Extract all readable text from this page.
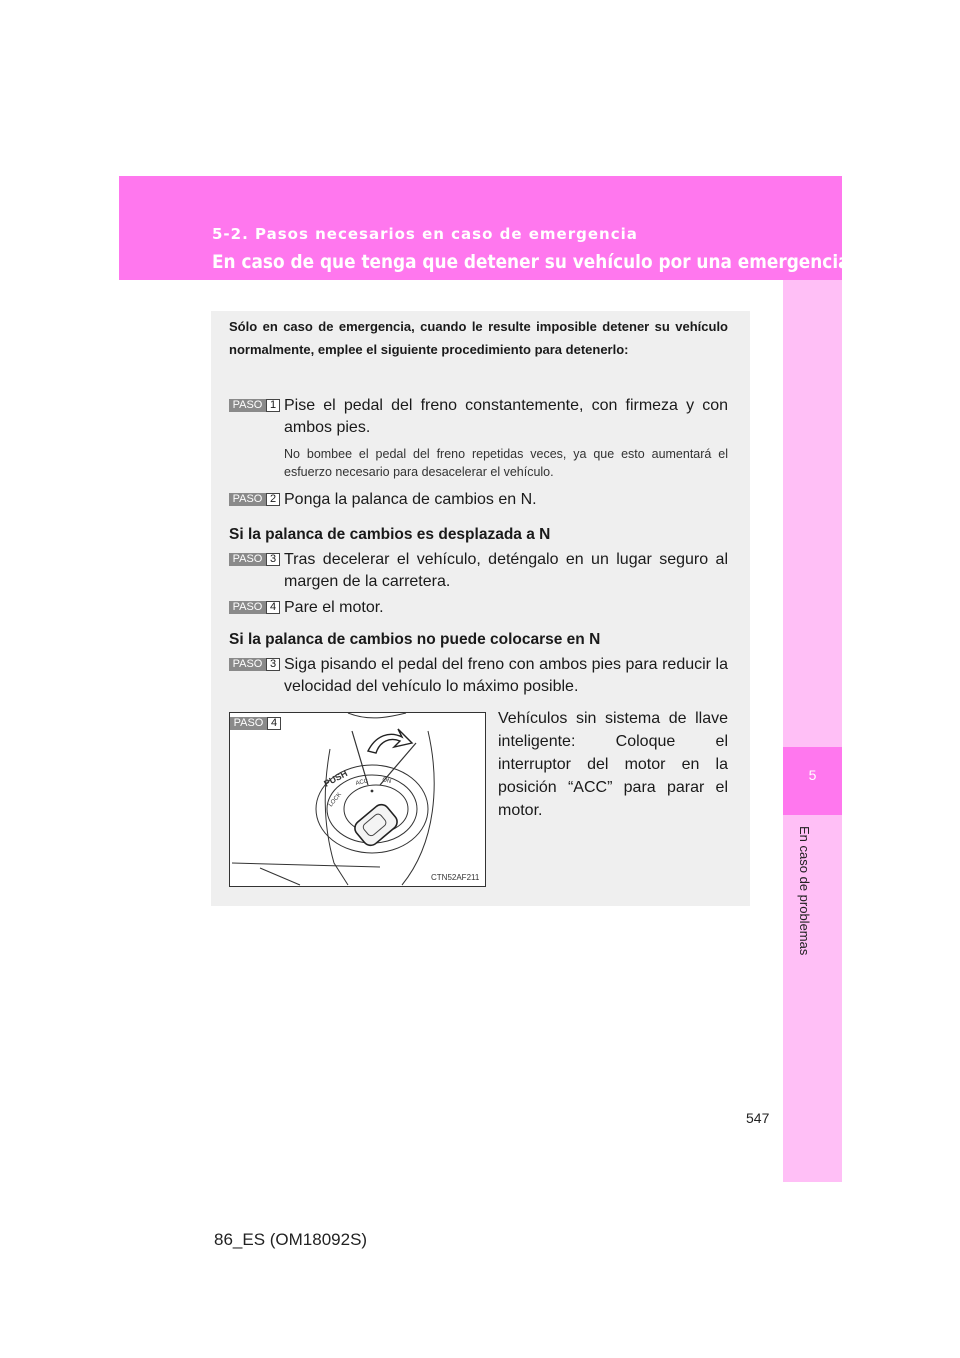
5-2. Pasos necesarios en caso de emergencia
En caso de que tenga que detener su vehículo por una emergencia
5
En caso de problemas
Sólo en caso de emergencia, cuando le resulte imposible detener su vehículo normalmente, emplee el siguiente procedimiento para detenerlo:
PASO 1 Pise el pedal del freno constantemente, con firmeza y con ambos pies.
No bombee el pedal del freno repetidas veces, ya que esto aumentará el esfuerzo necesario para desacelerar el vehículo.
PASO 2 Ponga la palanca de cambios en N.
Si la palanca de cambios es desplazada a N
PASO 3 Tras decelerar el vehículo, deténgalo en un lugar seguro al margen de la carretera.
PASO 4 Pare el motor.
Si la palanca de cambios no puede colocarse en N
PASO 3 Siga pisando el pedal del freno con ambos pies para reducir la velocidad del vehículo lo máximo posible.
PUSH
LOCK
ACC ON
PASO 4
CTN52AF211
Vehículos sin sistema de llave inteligente: Coloque el interruptor del motor en la posición “ACC” para parar el motor.
547
86_ES (OM18092S)
